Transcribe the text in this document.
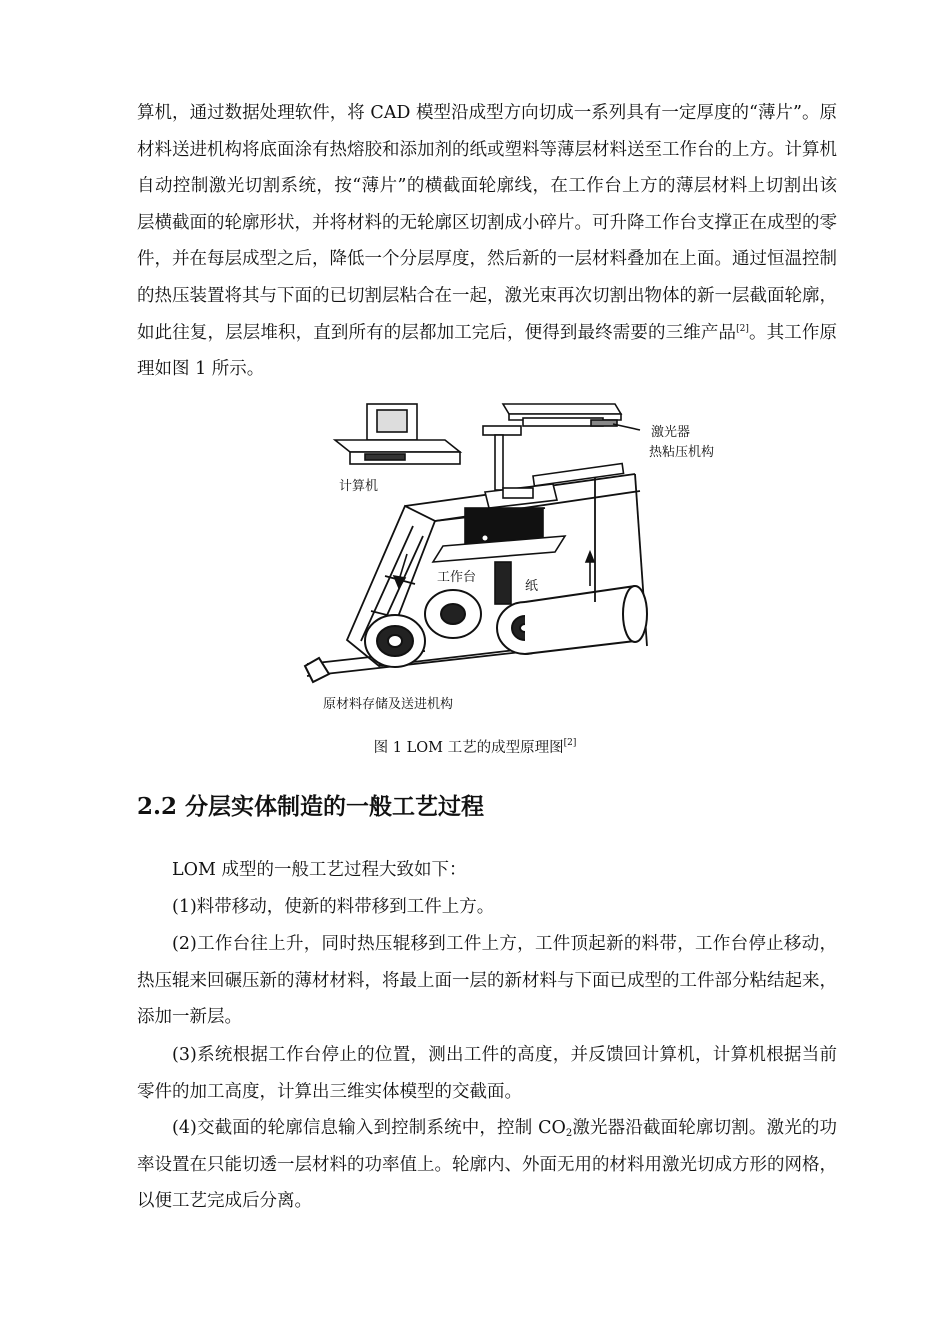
算机，通过数据处理软件，将 CAD 模型沿成型方向切成一系列具有一定厚度的“薄片”。原材料送进机构将底面涂有热熔胶和添加剂的纸或塑料等薄层材料送至工作台的上方。计算机自动控制激光切割系统，按“薄片”的横截面轮廓线，在工作台上方的薄层材料上切割出该层横截面的轮廓形状，并将材料的无轮廓区切割成小碎片。可升降工作台支撑正在成型的零件，并在每层成型之后，降低一个分层厚度，然后新的一层材料叠加在上面。通过恒温控制的热压装置将其与下面的已切割层粘合在一起，激光束再次切割出物体的新一层截面轮廓，如此往复，层层堆积，直到所有的层都加工完后，便得到最终需要的三维产品[2]。其工作原理如图 1 所示。

计算机
激光器
热粘压机构
工作台
纸
原材料存储及送进机构
图 1 LOM 工艺的成型原理图[2]
2.2 分层实体制造的一般工艺过程

LOM 成型的一般工艺过程大致如下：

(1)料带移动，使新的料带移到工件上方。

(2)工作台往上升，同时热压辊移到工件上方，工件顶起新的料带，工作台停止移动，热压辊来回碾压新的薄材材料，将最上面一层的新材料与下面已成型的工件部分粘结起来，添加一新层。

(3)系统根据工作台停止的位置，测出工件的高度，并反馈回计算机，计算机根据当前零件的加工高度，计算出三维实体模型的交截面。

(4)交截面的轮廓信息输入到控制系统中，控制 $CO_2$激光器沿截面轮廓切割。激光的功率设置在只能切透一层材料的功率值上。轮廓内、外面无用的材料用激光切成方形的网格，以便工艺完成后分离。
